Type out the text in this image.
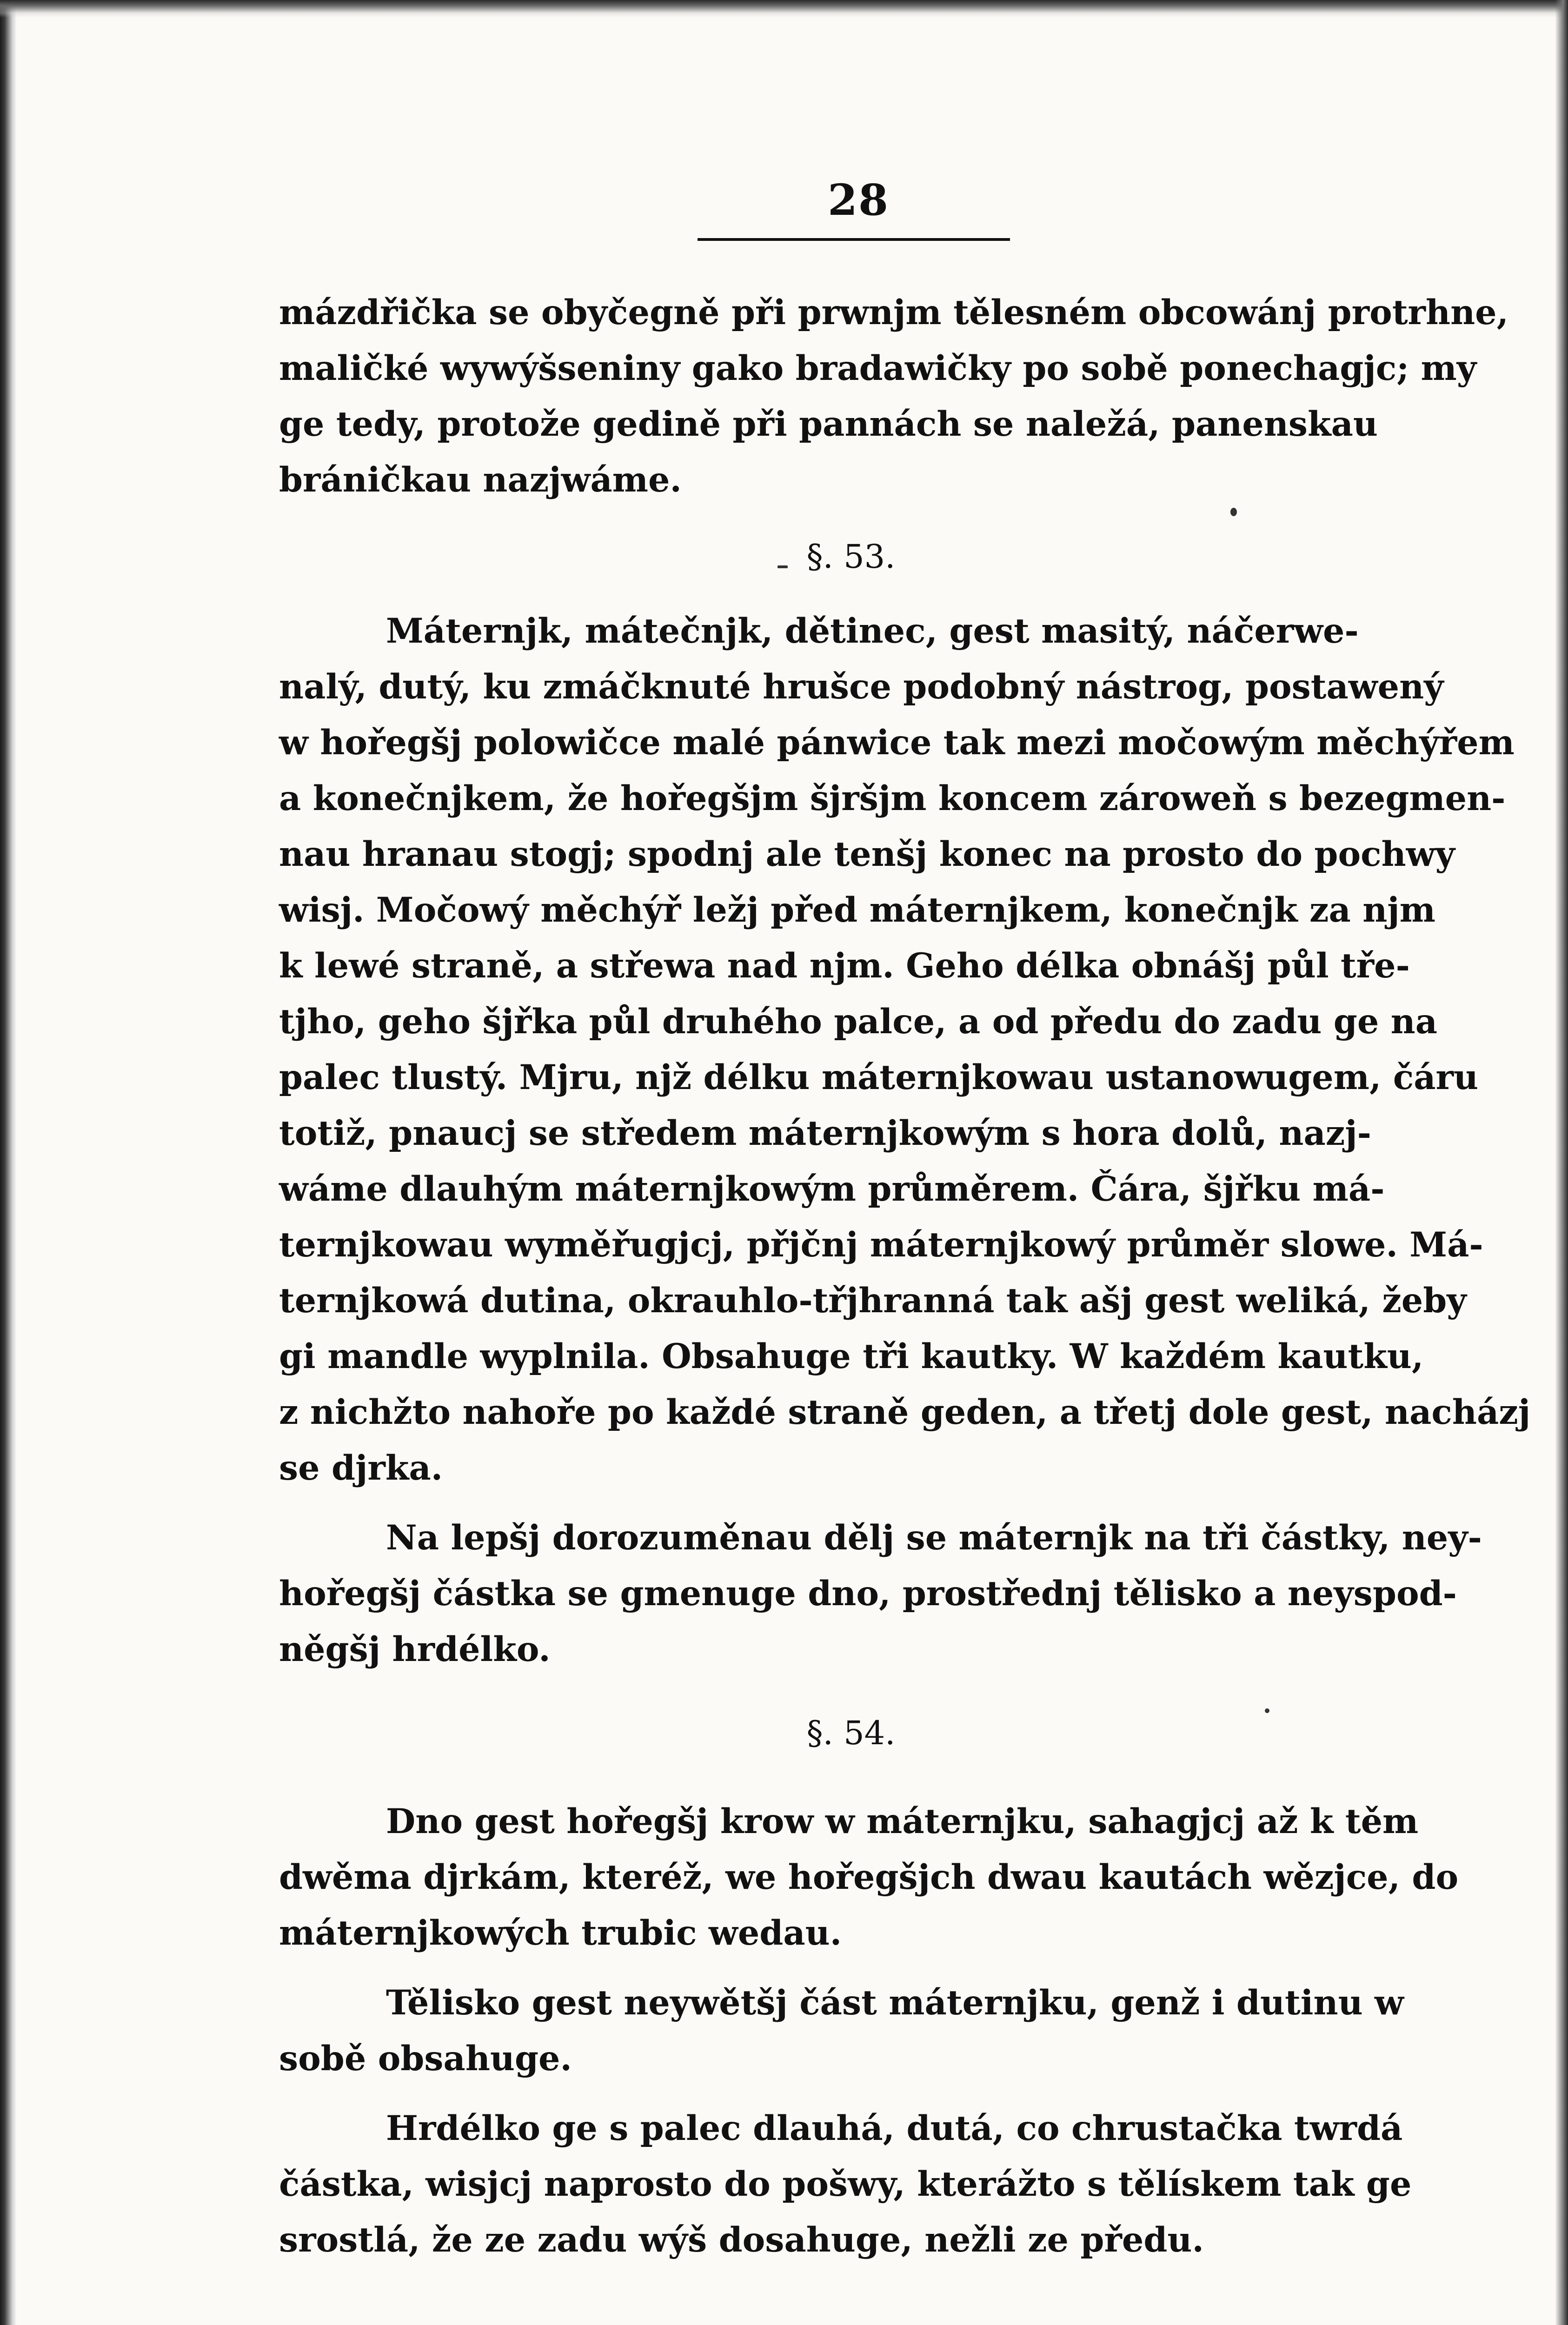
28

mázdřička se obyčegně při prwnjm tělesném obcowánj protrhne,
maličké wywýšseniny gako bradawičky po sobě ponechagjc; my
ge tedy, protože gedině při pannách se naležá, panenskau
bráničkau nazjwáme.

§. 53.

Máternjk, mátečnjk, dětinec, gest masitý, náčerwe-
nalý, dutý, ku zmáčknuté hrušce podobný nástrog, postawený
w hořegšj polowičce malé pánwice tak mezi močowým měchýřem
a konečnjkem, že hořegšjm šjršjm koncem zároweň s bezegmen-
nau hranau stogj; spodnj ale tenšj konec na prosto do pochwy
wisj. Močowý měchýř ležj před máternjkem, konečnjk za njm
k lewé straně, a střewa nad njm. Geho délka obnášj půl tře-
tjho, geho šjřka půl druhého palce, a od předu do zadu ge na
palec tlustý. Mjru, njž délku máternjkowau ustanowugem, čáru
totiž, pnaucj se středem máternjkowým s hora dolů, nazj-
wáme dlauhým máternjkowým průměrem. Čára, šjřku má-
ternjkowau wyměřugjcj, přjčnj máternjkowý průměr slowe. Má-
ternjkowá dutina, okrauhlo-třjhranná tak ašj gest weliká, žeby
gi mandle wyplnila. Obsahuge tři kautky. W každém kautku,
z nichžto nahoře po každé straně geden, a třetj dole gest, nacházj
se djrka.

Na lepšj dorozuměnau dělj se máternjk na tři částky, ney-
hořegšj částka se gmenuge dno, prostřednj tělisko a neyspod-
něgšj hrdélko.

§. 54.

Dno gest hořegšj krow w máternjku, sahagjcj až k těm
dwěma djrkám, kteréž, we hořegšjch dwau kautách wězjce, do
máternjkowých trubic wedau.

Tělisko gest neywětšj část máternjku, genž i dutinu w
sobě obsahuge.

Hrdélko ge s palec dlauhá, dutá, co chrustačka twrdá
částka, wisjcj naprosto do pošwy, kterážto s tělískem tak ge
srostlá, že ze zadu wýš dosahuge, nežli ze předu.
